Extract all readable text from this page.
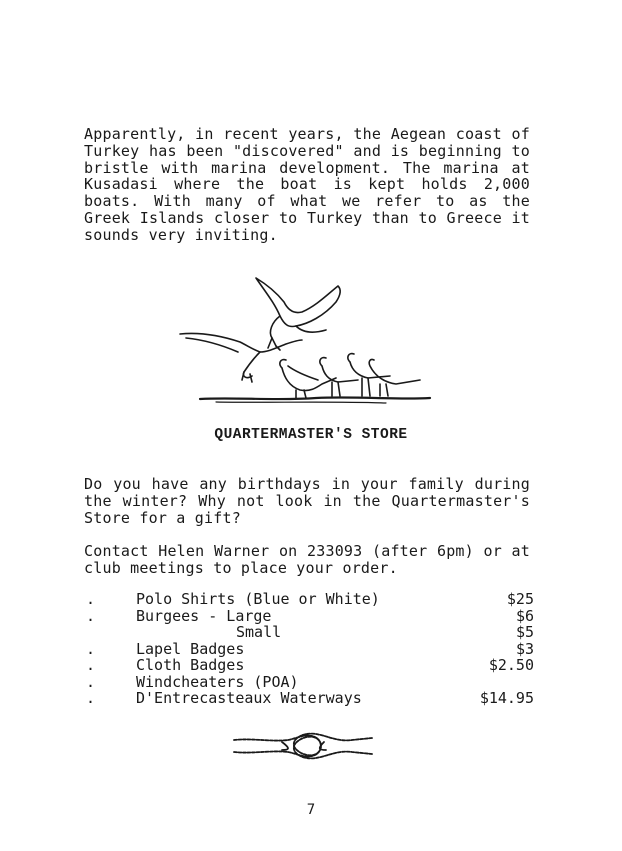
Apparently, in recent years, the Aegean coast of Turkey has been "discovered" and is beginning to bristle with marina development. The marina at Kusadasi where the boat is kept holds 2,000 boats. With many of what we refer to as the Greek Islands closer to Turkey than to Greece it sounds very inviting.

QUARTERMASTER'S STORE

Do you have any birthdays in your family during the winter? Why not look in the Quartermaster's Store for a gift?

Contact Helen Warner on 233093 (after 6pm) or at club meetings to place your order.

.	Polo Shirts (Blue or White)	$25
.	Burgees - Large	$6
Small	$5
.	Lapel Badges	$3
.	Cloth Badges	$2.50
.	Windcheaters (POA)
.	D'Entrecasteaux Waterways	$14.95
7
